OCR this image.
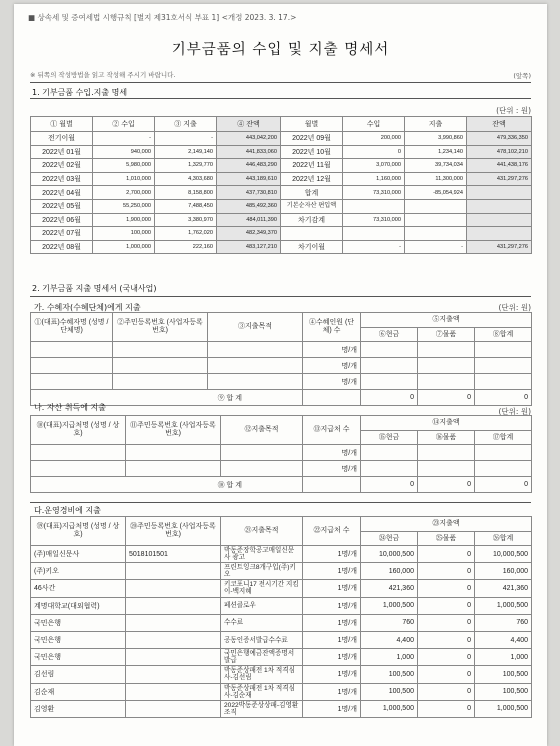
■ 상속세 및 증여세법 시행규칙 [별지 제31호서식 부표 1] <개정 2023. 3. 17.>
기부금품의 수입 및 지출 명세서
※ 뒤쪽의 작성방법을 읽고 작성해 주시기 바랍니다.	(앞쪽)
1. 기부금품 수입.지출 명세
(단위 : 원)
① 월별	② 수입	③ 지출	④ 잔액	월별	수입	지출	잔액
전기이월	-	-	443,042,200	2022년 09월	200,000	3,990,860	479,336,350
2022년 01월	940,000	2,149,140	441,833,060	2022년 10월	0	1,234,140	478,102,210
2022년 02월	5,980,000	1,329,770	446,483,290	2022년 11월	3,070,000	39,734,034	441,438,176
2022년 03월	1,010,000	4,303,680	443,189,610	2022년 12월	1,160,000	11,300,000	431,297,276
2022년 04월	2,700,000	8,158,800	437,730,810	합계	73,310,000	-85,054,924	
2022년 05월	55,250,000	7,488,450	485,492,360	기본순자산 편입액			
2022년 06월	1,900,000	3,380,970	484,011,390	차기감계	73,310,000		
2022년 07월	100,000	1,762,020	482,349,370				
2022년 08월	1,000,000	222,160	483,127,210	차기이월	-	-	431,297,276
2. 기부금품 지출 명세서 (국내사업)
가. 수혜자(수혜단체)에게 지출	(단위: 원)
①(대표)수혜자명 (성명 / 단체명)	②주민등록번호 (사업자등록번호)	③지출목적	④수혜인원 (단체) 수	⑤지출액		
				⑥현금	⑦물품	⑧합계
			명/개			
			명/개			
			명/개			
⑨ 합 계				0	0	0
나. 자산 취득에 지출	(단위: 원)
⑩(대표)지급처명 (성명 / 상호)	⑪주민등록번호 (사업자등록번호)	⑫지출목적	⑬지급처 수	⑭지출액		
				⑮현금	⑯물품	⑰합계
			명/개			
			명/개			
⑱ 합 계				0	0	0
다.운영경비에 지출
⑲(대표)지급처명 (성명 / 상호)	⑳주민등록번호 (사업자등록번호)	㉑지출목적	㉒지급처 수	㉓지출액		
				㉔현금	㉕물품	㉖합계
(주)매일신문사	5018101501	박동준장학공고매일신문사 광고	1명/개	10,000,500	0	10,000,500
(주)키오		프린트잉크8개구입(주)키오	1명/개	160,000	0	160,000
46사간		키코포니17 전시기간 지킴이-백지혜	1명/개	421,360	0	421,360
계명대학교(대외협력)		페션클로우	1명/개	1,000,500	0	1,000,500
국민은행		수수료	1명/개	760	0	760
국민은행		공동인증서발급수수료	1명/개	4,400	0	4,400
국민은행		국민은행예금잔액증명서발급	1명/개	1,000	0	1,000
김선림		박동준상패전 1차 적격심사-김선림	1명/개	100,500	0	100,500
김순재		박동준상패전 1차 적격심사-김순재	1명/개	100,500	0	100,500
김영환		2022박동준상상패-김영환조직	1명/개	1,000,500	0	1,000,500
